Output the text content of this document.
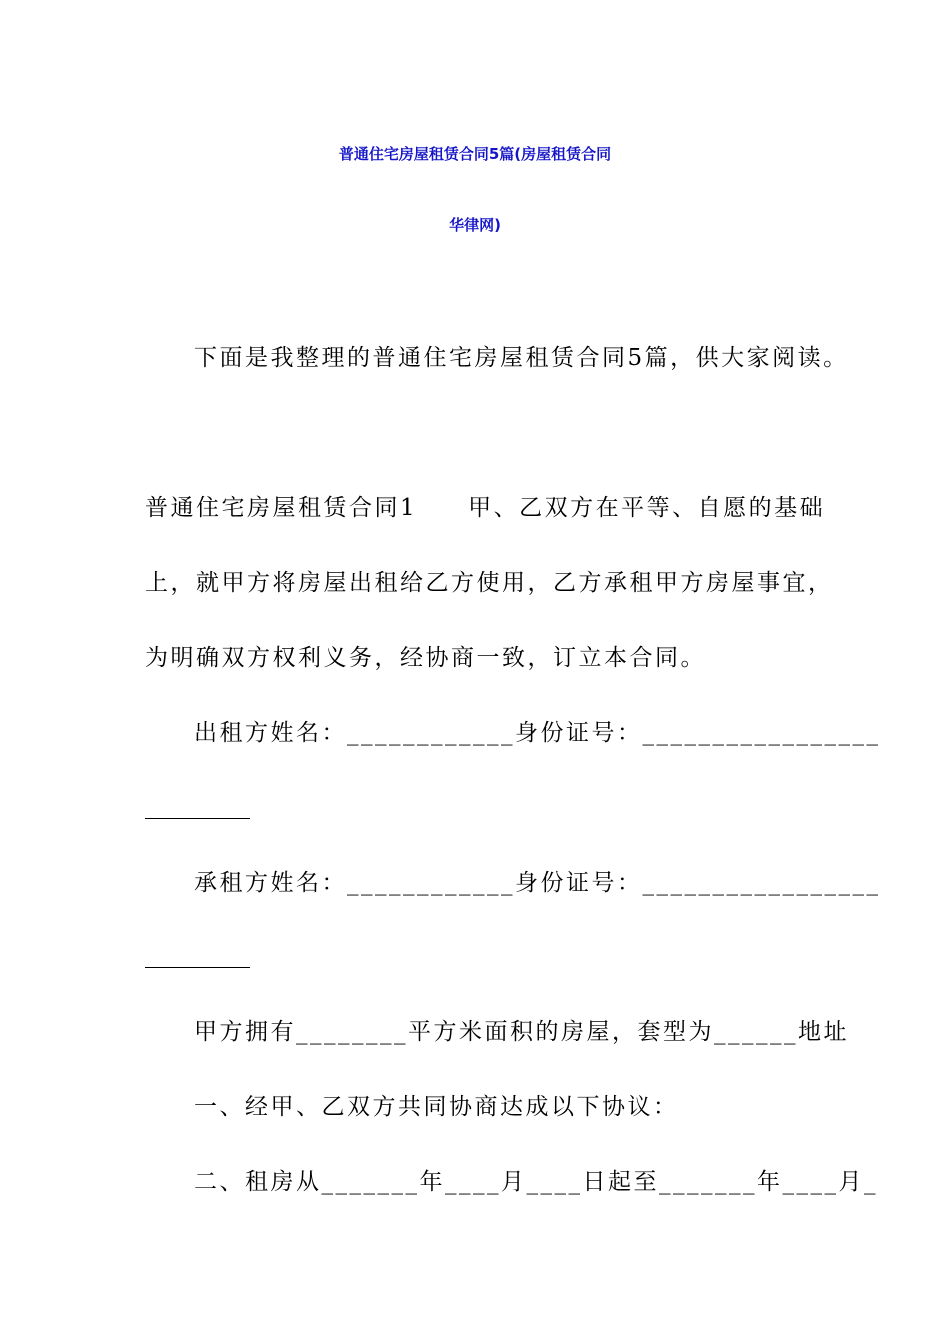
普通住宅房屋租赁合同5篇(房屋租赁合同
华律网)
下面是我整理的普通住宅房屋租赁合同5篇，供大家阅读。
普通住宅房屋租赁合同1　　甲、乙双方在平等、自愿的基础
上，就甲方将房屋出租给乙方使用，乙方承租甲方房屋事宜，
为明确双方权利义务，经协商一致，订立本合同。
出租方姓名：____________身份证号：_________________
承租方姓名：____________身份证号：_________________
甲方拥有________平方米面积的房屋，套型为______地址
一、经甲、乙双方共同协商达成以下协议：
二、租房从_______年____月____日起至_______年____月_
